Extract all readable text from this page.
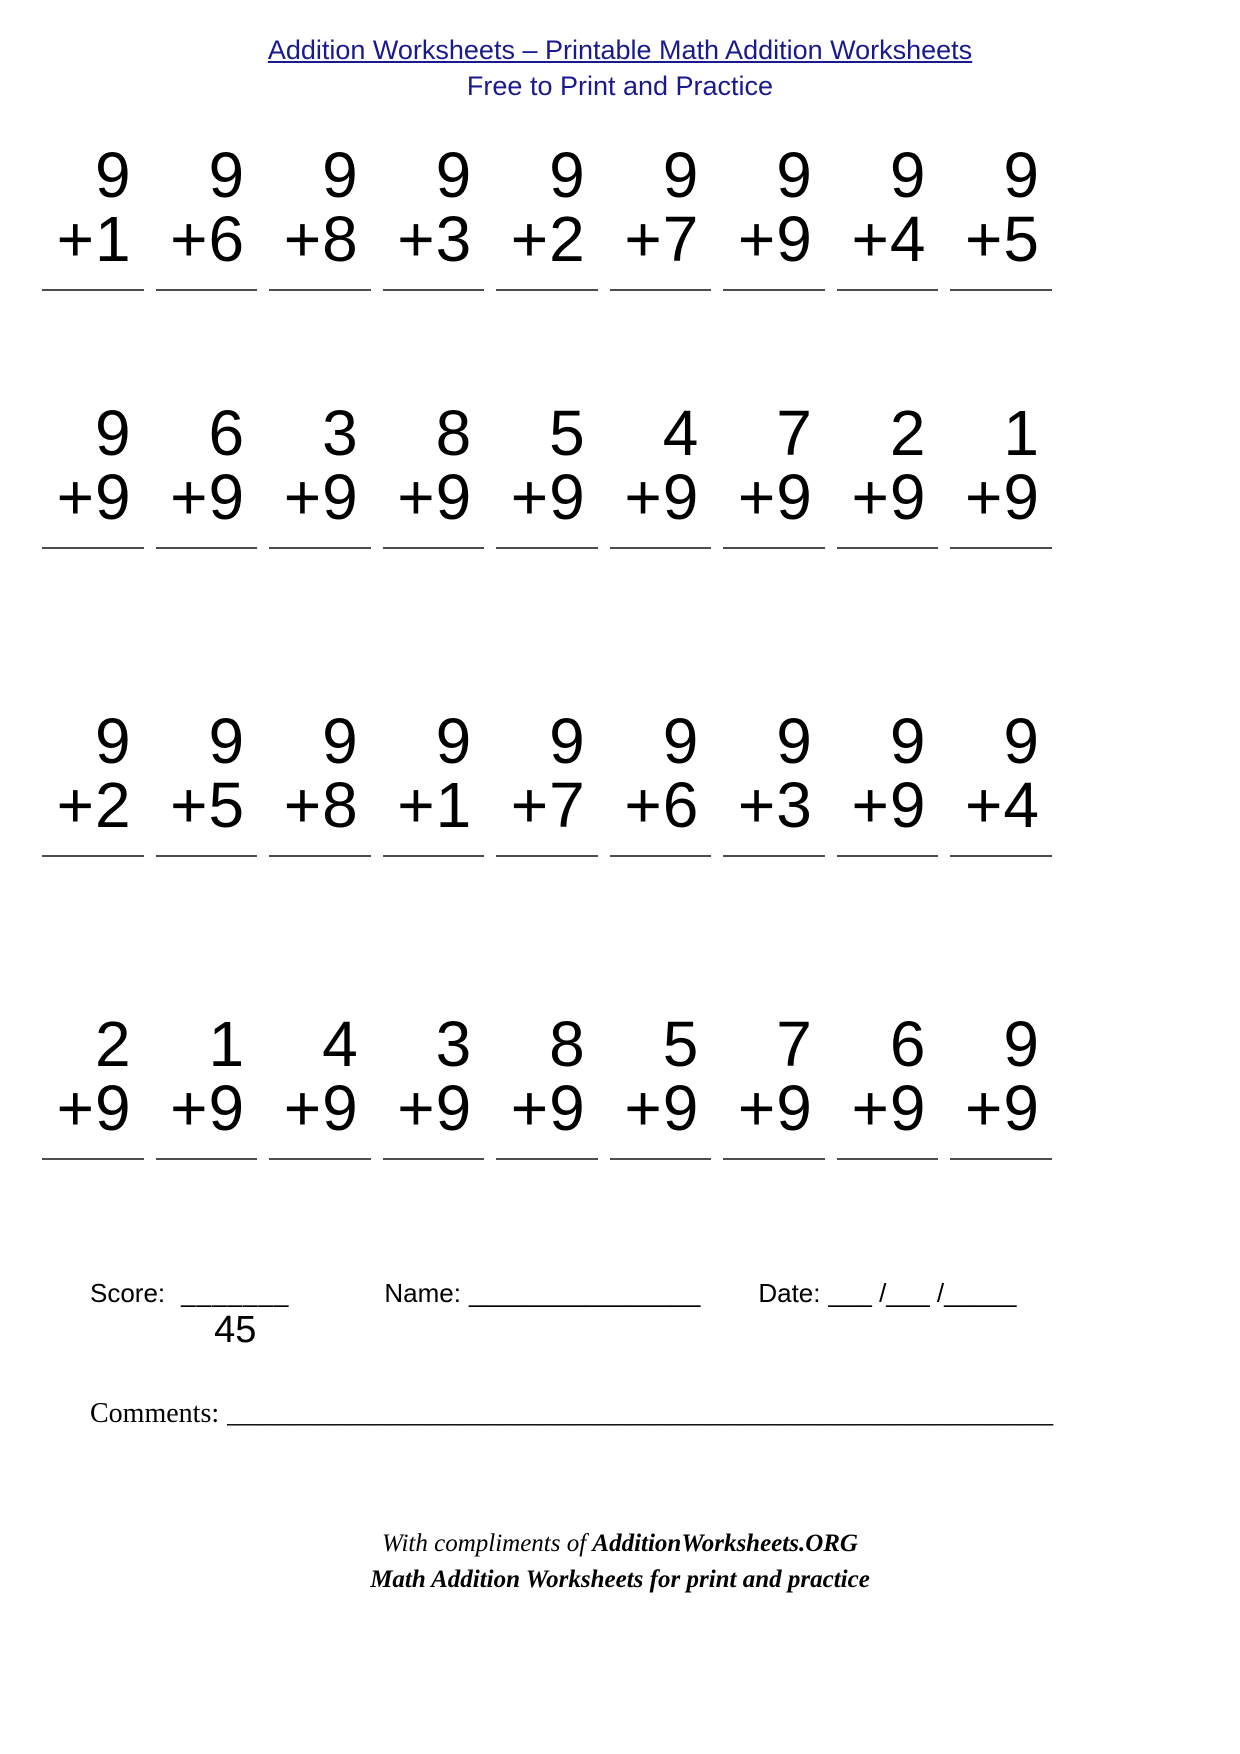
Addition Worksheets – Printable Math Addition Worksheets
Free to Print and Practice
9
+1
9
+6
9
+8
9
+3
9
+2
9
+7
9
+9
9
+4
9
+5
9
+9
6
+9
3
+9
8
+9
5
+9
4
+9
7
+9
2
+9
1
+9
9
+2
9
+5
9
+8
9
+1
9
+7
9
+6
9
+3
9
+9
9
+4
2
+9
1
+9
4
+9
3
+9
8
+9
5
+9
7
+9
6
+9
9
+9
Score: _______
45
Name: ________________ Date: ___ /___ /_____
Comments: ___________________________________________________________
With compliments of AdditionWorksheets.ORG
Math Addition Worksheets for print and practice
